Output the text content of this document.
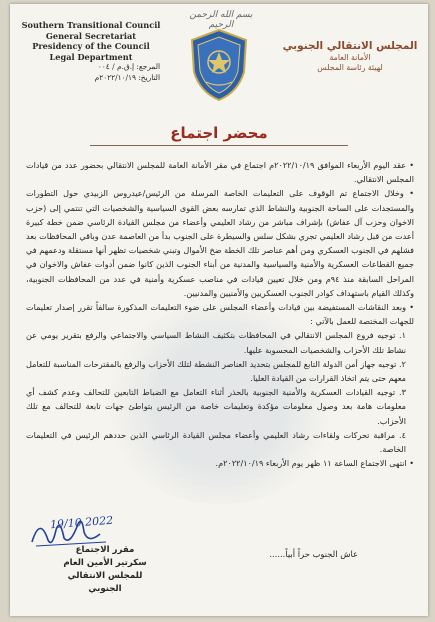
بسم الله الرحمن الرحيم
Southern Transitional Council
General Secretariat
Presidency of the Council
Legal Department
المرجع: إ.ق.م / ٠٠٤
التاريخ: ٢٠٢٢/١٠/١٩م
المجلس الانتقالي الجنوبي
الأمانة العامة
لهيئة رئاسة المجلس
محضر اجتماع

• عقد اليوم الأربعاء الموافق ٢٠٢٢/١٠/١٩م اجتماع في مقر الأمانة العامة للمجلس الانتقالي بحضور عدد من قيادات المجلس الانتقالي.

• وخلال الاجتماع تم الوقوف على التعليمات الخاصة المرسلة من الرئيس/عيدروس الزبيدي حول التطورات والمستجدات على الساحة الجنوبية والنشاط الذي تمارسه بعض القوى السياسية والشخصيات التي تنتمي إلى (حزب الاخوان وحزب آل عفاش) بإشراف مباشر من رشاد العليمي وأعضاء من مجلس القيادة الرئاسي ضمن خطة كبيرة أعدت من قبل رشاد العليمي تجري بشكل سلس والسيطرة على الجنوب بدأ من العاصمة عدن وباقي المحافظات بعد فشلهم في الجنوب العسكري ومن أهم عناصر تلك الخطة ضخ الأموال وتبني شخصيات تظهر أنها مستقلة ودعمهم في جميع القطاعات العسكرية والأمنية والسياسية والمدنية من أبناء الجنوب الذين كانوا ضمن أدوات عفاش والاخوان في المراحل السابقة منذ ٩٤م ومن خلال تعيين قيادات في مناصب عسكرية وأمنية في عدد من المحافظات الجنوبية، وكذلك القيام باستهداف كوادر الجنوب العسكريين والأمنيين والمدنيين.

• وبعد النقاشات المستفيضة بين قيادات وأعضاء المجلس على ضوء التعليمات المذكورة سالفاً تقرر إصدار تعليمات للجهات المختصة للعمل بالآتي :

١. توجيه فروع المجلس الانتقالي في المحافظات بتكثيف النشاط السياسي والاجتماعي والرفع بتقرير يومي عن نشاط تلك الأحزاب والشخصيات المحسوبة عليها.

٢. توجيه جهاز أمن الدولة التابع للمجلس بتحديد العناصر النشطة لتلك الأحزاب والرفع بالمقترحات المناسبة للتعامل معهم حتى يتم اتخاذ القرارات من القيادة العليا.

٣. توجيه القيادات العسكرية والأمنية الجنوبية بالحذر أثناء التعامل مع الضباط التابعين للتحالف وعدم كشف أي معلومات هامة بعد وصول معلومات مؤكدة وتعليمات خاصة من الرئيس بتواطئ جهات تابعة للتحالف مع تلك الأحزاب.

٤. مراقبة تحركات ولقاءات رشاد العليمي وأعضاء مجلس القيادة الرئاسي الذين حددهم الرئيس في التعليمات الخاصة.

• انتهى الاجتماع الساعة ١١ ظهر يوم الأربعاء ٢٠٢٢/١٠/١٩م.

عاش الجنوب حراً أبياً......
19/10 2022
مقرر الاجتماع
سكرتير الأمين العام
للمجلس الانتقالي الجنوبي
